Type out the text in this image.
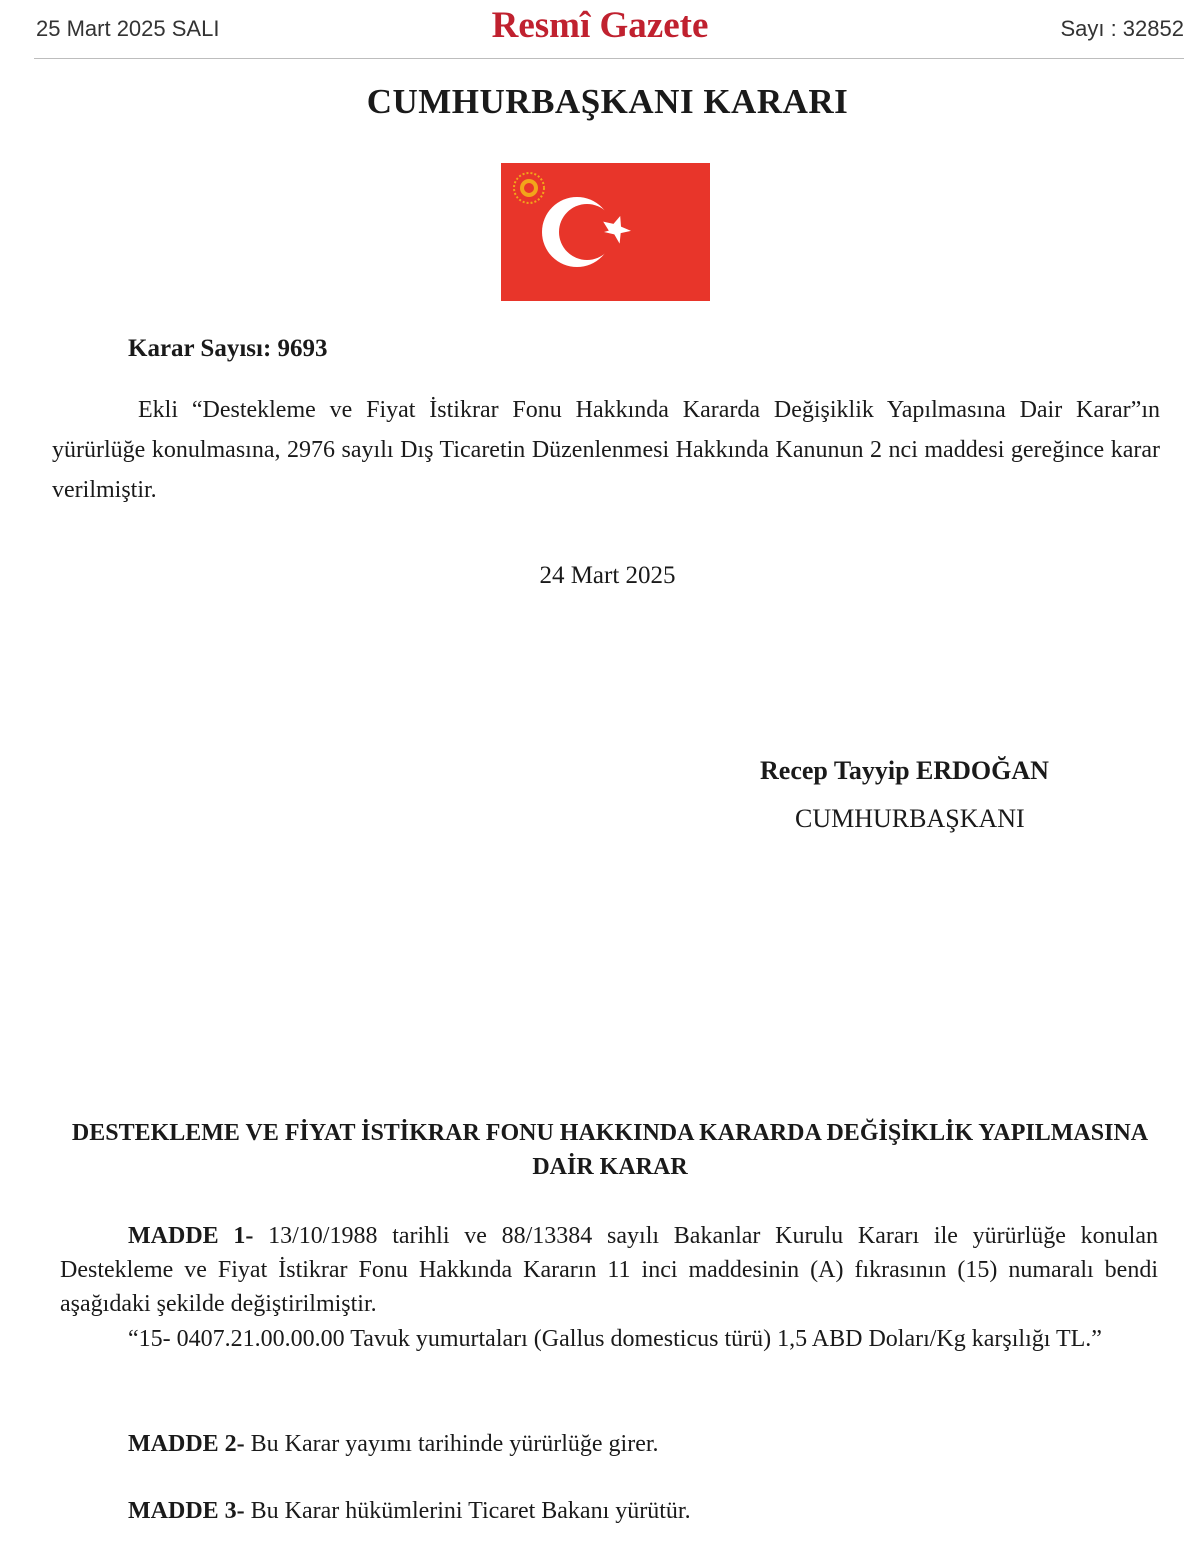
25 Mart 2025 SALI	Resmî Gazete	Sayı : 32852
CUMHURBAŞKANI KARARI
Karar Sayısı: 9693
Ekli “Destekleme ve Fiyat İstikrar Fonu Hakkında Kararda Değişiklik Yapılmasına Dair Karar”ın yürürlüğe konulmasına, 2976 sayılı Dış Ticaretin Düzenlenmesi Hakkında Kanunun 2 nci maddesi gereğince karar verilmiştir.
24 Mart 2025
Recep Tayyip ERDOĞAN
CUMHURBAŞKANI
DESTEKLEME VE FİYAT İSTİKRAR FONU HAKKINDA KARARDA DEĞİŞİKLİK YAPILMASINA DAİR KARAR
MADDE 1- 13/10/1988 tarihli ve 88/13384 sayılı Bakanlar Kurulu Kararı ile yürürlüğe konulan Destekleme ve Fiyat İstikrar Fonu Hakkında Kararın 11 inci maddesinin (A) fıkrasının (15) numaralı bendi aşağıdaki şekilde değiştirilmiştir.
“15- 0407.21.00.00.00 Tavuk yumurtaları (Gallus domesticus türü) 1,5 ABD Doları/Kg karşılığı TL.”
MADDE 2- Bu Karar yayımı tarihinde yürürlüğe girer.
MADDE 3- Bu Karar hükümlerini Ticaret Bakanı yürütür.
